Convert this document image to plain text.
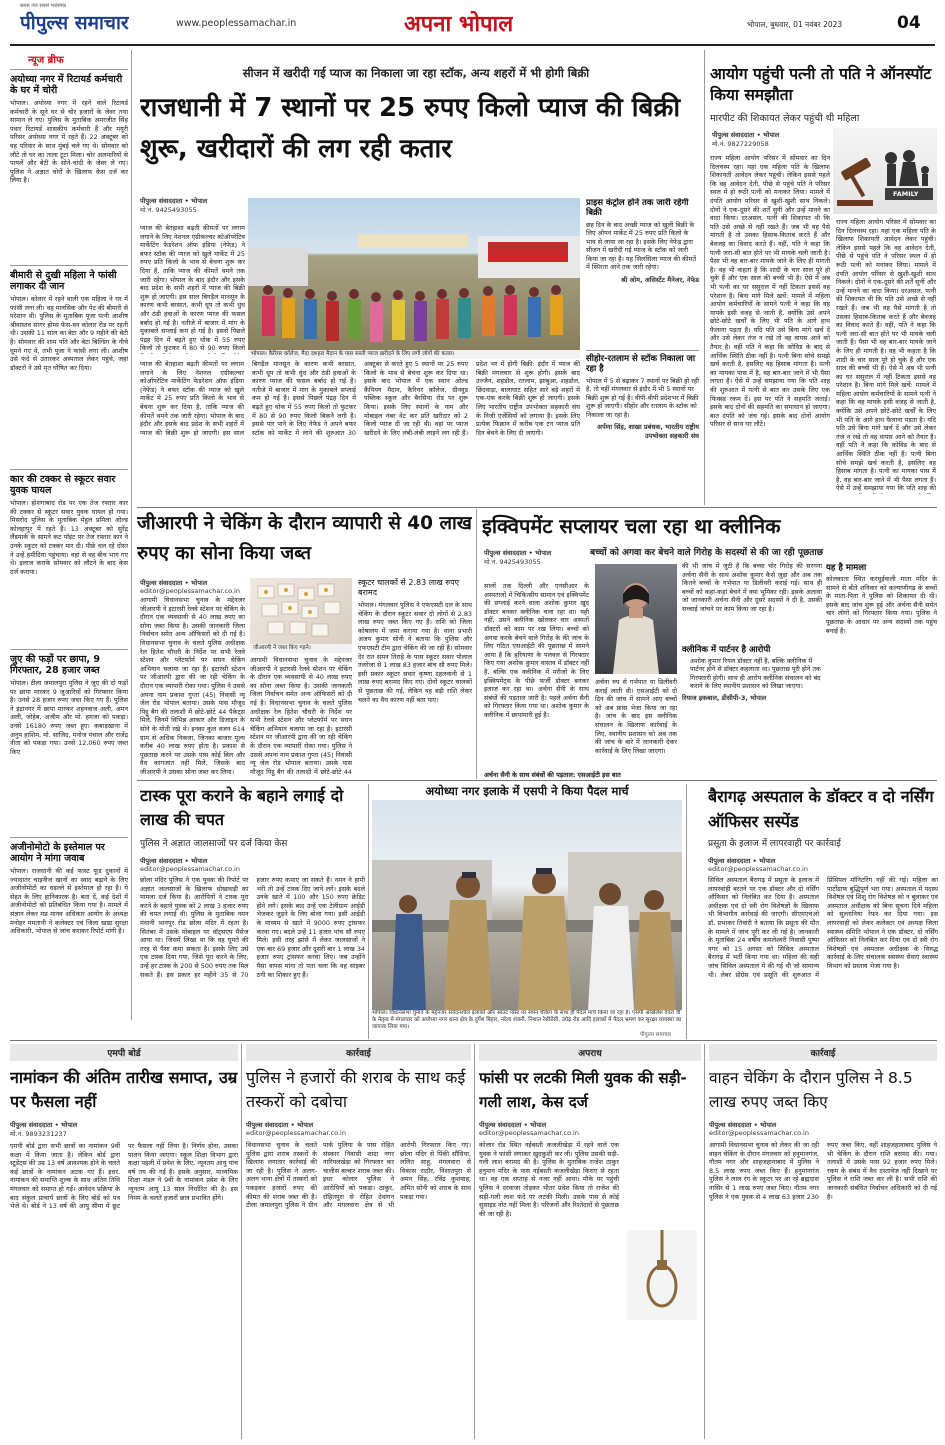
सबसे तेज सबसे भरोसेमंद
पीपुल्स समाचार	www.peoplessamachar.in	अपना भोपाल	भोपाल, बुधवार, 01 नवंबर 2023	04
न्यूज ब्रीफ
अयोध्या नगर में रिटायर्ड कर्मचारी के घर में चोरी
भोपाल। अयोध्या नगर में रहने वाले रिटायर्ड कर्मचारी के सूने घर से चोर हजारों के जेवर तथा सामान ले गए। पुलिस के मुताबिक अमरजीत सिंह पवार रिटायर्ड शासकीय कर्मचारी हैं और मयूरी परिसर अयोध्या नगर में रहते हैं। 22 अक्टूबर को वह परिवार के साथ मुंबई चले गए थे। सोमवार को लौटे तो घर का ताला टूटा मिला। चोर अलमारियों से पायलें और बेटी के सोने-चांदी के जेवर ले गए। पुलिस ने अज्ञात चोरों के खिलाफ केस दर्ज कर लिया है।
बीमारी से दुखी महिला ने फांसी लगाकर दी जान
भोपाल। कोलार में रहने वाली एक महिला ने घर में फांसी लगा ली। वह मानसिक और पेट की बीमारी से परेशान थी। पुलिस के मुताबिक पूजा पत्नी आशीष श्रीवास्तव सागर होम्स फेस-वन कोलार रोड पर रहती थी। उसकी 11 साल का बेटा और 9 महीने की बेटी है। सोमवार की शाम पति और बेटा बिल्डिंग के नीचे घूमने गए थे, तभी पूजा ने फांसी लगा ली। आशीष उसे फंदे से उतारकर अस्पताल लेकर पहुंचे, जहां डॉक्टरों ने उसे मृत घोषित कर दिया।
कार की टक्कर से स्कूटर सवार युवक घायल
भोपाल। होशंगाबाद रोड पर एक तेज रफ्तार कार की टक्कर से स्कूटर सवार युवक घायल हो गया। मिसरोद पुलिस के मुताबिक मेहुल प्रमिला ओल्ड कोलहापुर में रहते हैं। 13 अक्टूबर को सुरेंद्र लैंडमार्क के सामने कट पॉइंट पर तेज रफ्तार कार ने उनके स्कूटर को टक्कर मार दी। पीछे चल रहे दोस्त ने उन्हें हमीदिया पहुंचाया। वहां से वह बीच भाग गए थे। इलाज कराके सोमवार को लौटने के बाद केस दर्ज कराया।
जुए की फड़ों पर छापा, 9 गिरफ्तार, 28 हजार जब्त
भोपाल। टीला जमालपुरा पुलिस ने जुए की दो फड़ों पर छापा मारकर 9 जुआरियों को गिरफ्तार किया है। उनसे 28 हजार रुपए जब्त किए गए हैं। पुलिस ने इंद्रानगर में छापा मारकर शहनवाज अली, अमन अली, जोहेब, अजीम और मो. हमजा को पकड़ा। उनसे 16180 रुपए जब्त हुए। कबाड़खाना में अनुप हाशिम, मो. साजिद, मनोज पंचाल और राजेंद्र नीता को पकड़ा गया। उनसे 12,060 रुपए जब्त किए
अजीनोमोटो के इस्तेमाल पर आयोग ने मांगा जवाब
भोपाल। राजधानी की कई फास्ट फूड दुकानों में ज्यादातर चाइनीज खानों का स्वाद बढ़ाने के लिए अजीनोमोटो का धड़ल्ले से इस्तेमाल हो रहा है। ये सेहत के लिए हानिकारक है। बता दें, कई देशों में अजीनोमोटो को प्रतिबंधित किया गया है। मामले में संज्ञान लेकर मप्र मानव अधिकार आयोग के अध्यक्ष मनोहर ममतानी ने कलेक्टर एवं जिला खाद्य सुरक्षा अधिकारी, भोपाल से जांच कराकर रिपोर्ट मांगी है।
सीजन में खरीदी गई प्याज का निकाला जा रहा स्टॉक, अन्य शहरों में भी होगी बिक्री
राजधानी में 7 स्थानों पर 25 रुपए किलो प्याज की बिक्री शुरू, खरीदारों की लग रही कतार
पीपुल्स संवाददाता • भोपाल
मो.नं. 9425493055
भोपाल। कैरियर कॉलेज, मैदा दशहरा मैदान के पास सस्ती प्याज खरीदने के लिए लगी लोगों की कतार।
प्याज की बेतहाशा बढ़ती कीमतों पर लगाम लगाने के लिए नेशनल एग्रीकल्चर कोऑपरेटिव मार्केटिंग फेडरेशन ऑफ इंडिया (नेफेड) ने बफर स्टॉक की प्याज को खुले मार्केट में 25 रुपए प्रति किलो के भाव से बेचना शुरू कर दिया है, ताकि प्याज की कीमतें थमने तक जारी रहेगा। भोपाल के बाद इंदौर और इसके बाद प्रदेश के सभी शहरों में प्याज की बिक्री शुरू हो जाएगी। इस साल बिगड़ैल मानसून के कारण कभी बरसात, कभी धूप तो कभी धुंध और ठंडी हवाओं के कारण प्याज की फसल बर्बाद हो गई है। नतीजे में बाजार में मांग के मुकाबले सप्लाई कम हो गई है। इससे पिछले पंद्रह दिन में बढ़ते हुए थोक में 55 रुपए किलो तो फुटकर में 80 से 90 रुपए किलो
प्याज की बेतहाशा बढ़ती कीमतों पर लगाम लगाने के लिए नेशनल एग्रीकल्चर कोऑपरेटिव मार्केटिंग फेडरेशन ऑफ इंडिया (नेफेड) ने बफर स्टॉक की प्याज को खुले मार्केट में 25 रुपए प्रति किलो के भाव से बेचना शुरू कर दिया है, ताकि प्याज की कीमतें थमने तक जारी रहेगा। भोपाल के बाद इंदौर और इसके बाद प्रदेश के सभी शहरों में प्याज की बिक्री शुरू हो जाएगी। इस साल बिगड़ैल मानसून के कारण कभी बरसात, कभी धूप तो कभी धुंध और ठंडी हवाओं के कारण प्याज की फसल बर्बाद हो गई है। नतीजे में बाजार में मांग के मुकाबले सप्लाई कम हो गई है। इससे पिछले पंद्रह दिन में बढ़ते हुए थोक में 55 रुपए किलो तो फुटकर में 80 से 90 रुपए किलो बिकने लगी है। इससे पार पाने के लिए नेफेड ने अपने बफर स्टॉक को मार्केट में लाने की शुरुआत 30 अक्टूबर से करते हुए 5 स्थानों पर 25 रुपए किलो के भाव से बेचना शुरू कर दिया था। इसके बाद भोपाल में एक स्थान ओल्ड कैंपियन मैदान, कैरियर कॉलेज, ग्रीनवुड पब्लिक स्कूल और बैरसिया रोड पर शुरू किया। इसके लिए स्थानों के नाम और मोबाइल नंबर वेट कर प्रति खरीदार को 2 किलो प्याज दी जा रही थी। वहां पर प्याज खरीदने के लिए लंबी-लंबी लाइनें लग रही हैं। प्रदेश भर में होगी बिक्री: इंदौर में प्याज की बिक्री मंगलवार से शुरू होगी। इसके बाद उज्जैन, शहडोल, रतलाम, झाबुआ, शहडोल, छिंदवाड़ा, बालाघाट सहित सारे बड़े शहरों में एक-एक करके बिक्री शुरू हो जाएगी। इसके लिए भारतीय राष्ट्रीय उपभोक्ता सहकारी संघ के निजी एजेंसियों को लगाया है। इसके लिए प्रत्येक फिक्रान में करीब एक टन प्याज प्रति दिन बेचने के लिए दी जाएगी।
प्राइस कंट्रोल होने तक जारी रहेगी बिक्री
छह दिन के बाद अच्छी प्याज को खुली बिक्री के लिए ओपन मार्केट में 25 रुपए प्रति किलो के भाव से लाया जा रहा है। इसके लिए नेफेड द्वारा सीजन में खरीदी गई प्याज के स्टॉक को जारी किया जा रहा है। यह सिलसिला प्याज की कीमतें में स्थिरता आने तक जारी रहेगा।
श्री ओम, असिस्टेंट मैनेजर, नेफेड
सीहोर-रतलाम से स्टॉक निकाला जा रहा है
भोपाल में 5 से बढ़ाकर 7 स्थानों पर बिक्री हो रही है, तो वहीं मंगलवार से इंदौर में भी 5 स्थानों पर बिक्री शुरू हो गई है। वीपी-वीपी प्रदेशभर में बिक्री शुरू हो जाएगी। सीहोर और रतलाम के स्टॉक को निकाला जा रहा है।
अर्पणा सिंह, शाखा प्रबंधक, भारतीय राष्ट्रीय उपभोक्ता सहकारी संघ
आयोग पहुंची पत्नी तो पति ने ऑनस्पॉट किया समझौता
मारपीट की शिकायत लेकर पहुंची थी महिला
पीपुल्स संवाददाता • भोपाल
मो.नं. 9827229058
FAMILY
राज्य महिला आयोग परिसर में सोमवार का दिन दिलचस्प रहा। यहां एक महिला पति के खिलाफ शिकायती आवेदन लेकर पहुंची। लेकिन इससे पहले कि वह आवेदन देती, पीछे से पहुंचे पति ने परिसर स्थल में हो रूठी पत्नी को मनाकर लिया। मामले में दंपति आयोग परिसर से खुशी-खुशी साथ निकले। दोनों ने एक-दूसरे की शर्तें सुनीं और उन्हें मानने का वादा किया। दरअसल, पत्नी की शिकायत थी कि पति उसे अच्छे से नहीं रखते हैं। जब भी वह पैसे मांगती है तो उसका हिसाब-किताब करते हैं और बेवजह का विवाद करते हैं। वहीं, पति ने कहा कि पत्नी जरा-सी बात होते पर भी मायके चली जाती है। पैसा भी वह बार-बार मायके जाने के लिए ही मांगती है। वह भी कहता है कि शादी के चार साल पूरे हो चुके हैं और एक साल की बच्ची भी है। ऐसे में अब भी पत्नी का घर ससुराल में नहीं टिकता इससे वह परेशान है। बिना मांगे मिले खर्चे: मामले में महिला आयोग कर्मचारियों के सामने पत्नी ने कहा कि वह मायके इसी वजह से जाती है, क्योंकि उसे अपने छोटे-छोटे खर्चों के लिए भी पति के आगे हाथ फैलाना पड़ता है। यदि पति उसे बिना मांगे खर्च दें और उसे लेकर तंज न रखे तो वह वापस आने को तैयार है। वहीं पति ने कहा कि कोविड के बाद से आर्थिक स्थिति ठीक नहीं है। पत्नी बिना सोचे समझे खर्च करती है, इसलिए वह हिसाब मांगता है। पत्नी का मायका पास में है, वह बार-बार जाने में भी पैसा लगता है। ऐसे में उन्हें समझाया गया कि पति शाह की शुरुआत में पत्नी से बात कर उसके लिए एक फिक्स्ड रकम दें। इस पर पति ने सहमति जताई। इसके बाद दोनों की सहमति का समाधान हो जाएगा। बात दंपति को जंच गई। इसके बाद दोनों आयोग परिसर से साथ घर लौटे।
राज्य महिला आयोग परिसर में सोमवार का दिन दिलचस्प रहा। यहां एक महिला पति के खिलाफ शिकायती आवेदन लेकर पहुंची। लेकिन इससे पहले कि वह आवेदन देती, पीछे से पहुंचे पति ने परिसर स्थल में हो रूठी पत्नी को मनाकर लिया। मामले में दंपति आयोग परिसर से खुशी-खुशी साथ निकले। दोनों ने एक-दूसरे की शर्तें सुनीं और उन्हें मानने का वादा किया। दरअसल, पत्नी की शिकायत थी कि पति उसे अच्छे से नहीं रखते हैं। जब भी वह पैसे मांगती है तो उसका हिसाब-किताब करते हैं और बेवजह का विवाद करते हैं। वहीं, पति ने कहा कि पत्नी जरा-सी बात होते पर भी मायके चली जाती है। पैसा भी वह बार-बार मायके जाने के लिए ही मांगती है। वह भी कहता है कि शादी के चार साल पूरे हो चुके हैं और एक साल की बच्ची भी है। ऐसे में अब भी पत्नी का घर ससुराल में नहीं टिकता इससे वह परेशान है। बिना मांगे मिले खर्चे: मामले में महिला आयोग कर्मचारियों के सामने पत्नी ने कहा कि वह मायके इसी वजह से जाती है, क्योंकि उसे अपने छोटे-छोटे खर्चों के लिए भी पति के आगे हाथ फैलाना पड़ता है। यदि पति उसे बिना मांगे खर्च दें और उसे लेकर तंज न रखे तो वह वापस आने को तैयार है। वहीं पति ने कहा कि कोविड के बाद से आर्थिक स्थिति ठीक नहीं है। पत्नी बिना सोचे समझे खर्च करती है, इसलिए वह हिसाब मांगता है। पत्नी का मायका पास में है, वह बार-बार जाने में भी पैसा लगता है। ऐसे में उन्हें समझाया गया कि पति शाह की
जीआरपी ने चेकिंग के दौरान व्यापारी से 40 लाख रुपए का सोना किया जब्त
पीपुल्स संवाददाता • भोपाल
editor@peoplessamachar.co.in
जीआरपी ने जब्त किए गहने।
आगामी विधानसभा चुनाव के मद्देनजर जीआरपी ने इटारसी रेलवे स्टेशन पर चेकिंग के दौरान एक व्यवसायी से 40 लाख रुपए का सोना जब्त किया है। उसकी जानकारी जिला निर्वाचन समेत अन्य ऑफिसरों को दी गई है। विधानसभा चुनाव के चलते पुलिस अधीक्षक रेल हितेश चौधरी के निर्देश पर सभी रेलवे स्टेशन और प्लेटफॉर्म पर सघन चेकिंग अभियान चलाया जा रहा है। इटारसी स्टेशन पर जीआरपी द्वारा की जा रही चेकिंग के दौरान एक व्यापारी रोका गया। पुलिस ने उससे अपना नाम प्रकाश गुप्ता (45) निवासी न्यू जेल रोड भोपाल बताया। उसके पास मौजूद पिट्ठू बैग की तलाशी में छोटे-छोटे 44 पैकेट्स मिले, जिनमें विभिन्न आकार और डिजाइन के सोने के मोती रखे थे। इनका कुल वजन 614 ग्राम से अधिक निकला, जिनका बाजार मूल्य करीब 40 लाख रुपए होता है। प्रकाश से पूछताछ करने पर उसके पास कोई बिल और वैध कागजात नहीं मिले, जिसके बाद जीआरपी ने उसका सोना जब्त कर लिया।
आगामी विधानसभा चुनाव के मद्देनजर जीआरपी ने इटारसी रेलवे स्टेशन पर चेकिंग के दौरान एक व्यवसायी से 40 लाख रुपए का सोना जब्त किया है। उसकी जानकारी जिला निर्वाचन समेत अन्य ऑफिसरों को दी गई है। विधानसभा चुनाव के चलते पुलिस अधीक्षक रेल हितेश चौधरी के निर्देश पर सभी रेलवे स्टेशन और प्लेटफॉर्म पर सघन चेकिंग अभियान चलाया जा रहा है। इटारसी स्टेशन पर जीआरपी द्वारा की जा रही चेकिंग के दौरान एक व्यापारी रोका गया। पुलिस ने उससे अपना नाम प्रकाश गुप्ता (45) निवासी न्यू जेल रोड भोपाल बताया। उसके पास मौजूद पिट्ठू बैग की तलाशी में छोटे-छोटे 44
स्कूटर चालकों से 2.83 लाख रुपए बरामद
भोपाल। मंगलवार पुलिस ने एफएसटी दल के साथ चेकिंग के दौरान स्कूटर सवार दो लोगों से 2.83 लाख रुपए जब्त किए गए हैं। राशि को जिला कोषालय में जमा कराया गया है। थाना प्रभारी अजय कुमार सोनी ने बताया कि पुलिस और एफएसटी टीम द्वारा चेकिंग की जा रही है। सोमवार देर रात समन तिराहे के पास स्कूटर सवार पोलाल तलरेजा से 1 लाख 83 हजार बांच सौ रुपए मिले। इसी प्रकार स्कूटर सवार कृष्णा दहलवानी से 1 लाख रुपए बरामद किए गए। दोनों स्कूटर चालकों से पूछताछ की गई, लेकिन वह बड़ी राशि लेकर चलने का वैध कारण नहीं बता पाए।
इक्विपमेंट सप्लायर चला रहा था क्लीनिक
बच्चों को अगवा कर बेचने वाले गिरोह के सदस्यों से की जा रही पूछताछ
पीपुल्स संवाददाता • भोपाल
मो.नं. 9425493055
सालों तक दिल्ली और एनसीआर के अस्पतालों में चिकित्सीय सामान एवं इक्विपमेंट की सप्लाई करने वाला अशोक कुमार खुद डॉक्टर बनकर क्लीनिक चला रहा था। यही नहीं, उसने क्लीनिक खोलकर चार अस्पतों डॉक्टरों को काम पर रख लिया। बच्चों को अगवा करके बेचने वाले गिरोह के की जांच के लिए गठित एसआईटी की पूछताछ में सामने आया है कि हरियाणा के पलवल से गिरफ्तार किए गया अशोक कुमार वास्तव में डॉक्टर नहीं है, बल्कि एक क्लीनिक में मरीजों के लिए इक्विपमेंट्स के पीछे फर्जी डॉक्टर बनकर इलाज कर रहा था। अर्चना सैनी के साथ संबंधों की पड़ताल जारी है। पहले अर्चना सैनी को गिरफ्तार किया गया था। अशोक कुमार के क्लीनिक में छापामारी हुई है।
अर्चना रुप से गर्भपात या डिलीवरी कराई जाती थी। एसआईटी को दो दिन की जांच में सामने आए बच्चों को अब फ्रांस भेजा किया जा रहा है। जांच के बाद इस क्लीनिक संचालन के खिलाफ कार्रवाई के लिए, स्थानीय प्रशासन को अब तक की जांच के बारे में जानकारी देकर कार्रवाई के लिए लिखा जाएगा।
अर्चना सैनी के साथ संबंधों की पड़ताल: एसआईटी इस बात
की भी जांच में जुटी है कि बच्चा चोर गिरोह की सरगना अर्चना सैनी के साथ अशोक कुमार कैसे जुड़ा और अब तक कितने बच्चों के गर्भपात या डिलीवरी कराई गई। साथ ही बच्चों को कहां-कहां बेचने में क्या भूमिका रही। इसके अलावा जो जानकारी अर्चना सैनी और दूसरे सदस्यों ने दी है, उसकी सच्चाई जांचने पर काम किया जा रहा है।
यह है मामला
कोलकाता स्थित करधुईवाली माता मंदिर के सामने से बीते शनिवार को कल्याणीगढ़ के बच्चों के माता-पिता ने पुलिस को शिकायत दी थी। इसके बाद जांच शुरू हुई और अर्चना सैनी समेत चार लोगों को गिरफ्तार किया गया। पुलिस ने पूछताछ के आधार पर अन्य सदस्यों तक पहुंच बनाई है।
क्लीनिक में पार्टनर है आरोपी
अशोक कुमार रियल डॉक्टर नहीं है, बल्कि क्लीनिक में पार्टनर होने से डॉक्टर कहलाता था। पूछताछ पूरी होने तक गिरफ्तारी होगी। साथ ही आरोप क्लीनिक संचालन को बंद कराने के लिए स्थानीय प्रशासन को लिखा जाएगा।
रियाज इकबाल, डीसीपी-3, भोपाल
टास्क पूरा कराने के बहाने लगाई दो लाख की चपत
पुलिस ने अज्ञात जालसाजों पर दर्ज किया केस
पीपुल्स संवाददाता • भोपाल
editor@peoplessamachar.co.in
छोला मंदिर पुलिस ने एक युवक की रिपोर्ट पर अज्ञात जालसाजों के खिलाफ धोखाधड़ी का मामला दर्ज किया है। आरोपियों ने टास्क पूरा करने के बहाने युवक को 2 लाख 3 हजार रुपए की चपत लगाई थी। पुलिस के मुताबिक नमन मंधानी भानपुर रोड छोला मंदिर में रहता है। सितंबर में उसके मोबाइल पर वॉट्सएप मैसेज आया था। जिसमें लिखा था कि वह घूमते की तरह से पैसा कमा सकता है। इसके लिए उसे एक टास्क दिया गया, जिसे पूरा करने के लिए, उन्हें हर टास्क के 200 से 500 रुपए तक मिल सकते हैं। इस प्रकार हर महीने 35 से 70 हजार रुपए कमाए जा सकते हैं। नमन ने हामी भरी तो उन्हें टास्क दिए जाने लगे। इसके बदले उनके खाते में 100 और 150 रुपए क्रेडिट होने लगे। इसके बाद उन्हें एक टेलीग्राम आईडी भेजकर जुड़ने के लिए बोला गया। इसी आईडी के माध्यम से खाते में 9000 रुपए ट्रांसफर करवा गए। बदले उन्हें 11 हजार पांच सौ रुपए मिले। इसी तरह झांसे में लेकर जालसाजों ने एक बार 69 हजार और दूसरी बार 1 लाख 34 हजार रुपए ट्रांसफर करवा लिए। जब उन्होंने पैसा वापस मांगा तो पता चला कि वह साइबर ठगी का शिकार हुए हैं।
अयोध्या नगर इलाके में एसपी ने किया पैदल मार्च
भोपाल। विधानसभा चुनाव के मद्देनजर संवेदनशील इलाकों और आउट पोस्ट पर सघन चेकिंग के साथ ही पैदल मार्च किया जा रहा है। एसपी अखिलेश देवरा वी के नेतृत्व में मंगलवार को अयोध्या नगर थाना क्षेत्र के दुर्गेश बिहार, नरेला शंकरी, निशात रेसीडेंसी, उंघेढ़ रोड आदि इलाकों में पैदल भ्रमण कर सुरक्षा व्यवस्था का जायजा लिया गया।
पीपुल्स समाचार
बैरागढ़ अस्पताल के डॉक्टर व दो नर्सिंग ऑफिसर सस्पेंड
प्रसूता के इलाज में लापरवाही पर कार्रवाई
पीपुल्स संवाददाता • भोपाल
editor@peoplessamachar.co.in
सिविल अस्पताल बैरागढ़ में प्रसूता के इलाज में लापरवाही बरतने पर एक डॉक्टर और दो नर्सिंग ऑफिसर को निलंबित कर दिया है। अस्पताल अधीक्षक एवं दो स्त्री रोग विशेषज्ञों के खिलाफ भी विभागीय कार्रवाई की जाएगी। सीएमएचओ डॉ. प्रभाकर तिवारी ने बताया कि प्रसूता की मौत के मामले में जांच पूरी कर ली गई है। जानकारी के मुताबिक 24 वर्षीय कमलेश्वरी निवासी पुष्पा नगर को 15 अगस्त को सिविल अस्पताल बैरागढ़ में भर्ती किया गया था। महिला की सही जांच सिविल अस्पताल में की गई थी जो सामान्य थी। लेबर प्रोग्रेस एवं प्रसूति की शुरुआत में प्रिंसिपल मॉनिटरिंग नहीं की गई। महिला का पार्टोग्राफ बुद्धिपूर्ण भरा गया। अस्पताल में पदस्थ विशेषज्ञ एवं शिशु रोग विशेषज्ञ को न बुलाकर एवं अस्पताल अधीक्षक को बिना सूचना दिये महिला को सुल्तानिया रेफर कर दिया गया। इस लापरवाही को लेकर कलेक्टर एवं अध्यक्ष जिला स्वास्थ्य समिति भोपाल ने एक डॉक्टर, दो नर्सिंग ऑफिसर को निलंबित कर दिया एवं दो स्त्री रोग विशेषज्ञों एवं अस्पताल अधीक्षक के विरुद्ध कार्रवाई के लिए संचालक स्वास्थ्य सेवाएं स्वास्थ्य विभाग को प्रस्ताव भेजा गया है।
एमपी बोर्ड
नामांकन की अंतिम तारीख समाप्त, उम्र पर फैसला नहीं
पीपुल्स संवाददाता • भोपाल
मो.नं. 9893231237
एमपी बोर्ड द्वारा सभी छात्रों का नामांकन 9वीं कक्षा में किया जाता है। लेकिन बोर्ड द्वारा स्टूडेंट्स की उम्र 13 वर्ष आवश्यक होने के चलते कई छात्रों के नामांकन अटक गए हैं। इधर, नामांकन की समाप्ति शुल्क के साथ अंतिम तिथि मंगलवार को समाप्त हो गई। आवेदन प्रक्रिया के बाद संकुल प्राचार्य छात्रों के लिए बोर्ड को पत्र भेजे थे। बोर्ड ने 13 वर्ष की आयु सीमा में छूट पर फैसला नहीं लिया है। निर्णय होना, उसका पालन किया जाएगा। स्कूल शिक्षा विभाग द्वारा कक्षा पहली में प्रवेश के लिए, न्यूनतम आयु पांच वर्ष तय की गई है। इसके अनुसार, माध्यमिक शिक्षा मंडल ने 9वीं के नामांकन प्रवेश के लिए न्यूनतम आयु 13 साल निर्धारित की है। इस नियम के चलते हजारों छात्र प्रभावित होंगे।
कार्रवाई
पुलिस ने हजारों की शराब के साथ कई तस्करों को दबोचा
पीपुल्स संवाददाता • भोपाल
editor@peoplessamachar.co.in
विधानसभा चुनाव के चलते पुलिस द्वारा शराब तस्करों के खिलाफ लगातार कार्रवाई की जा रही है। पुलिस ने अलग-अलग थाना क्षेत्रों में तस्करों को पकड़कर हजारों रुपए की कीमत की शराब जब्त की है। टीला जमालपुरा पुलिस ने ग्रीन पार्क पुलिया के पास रोहित संस्कार निवासी शादा नगर नारियलखेड़ा को गिरफ्तार कर चालीस बल्कर शराब जब्त की। इधर कोलार पुलिस ने आरोपियों को पकड़ा। ठाकुर, रोहितपुरा से रोहित देवांगन और मंगलवारा क्षेत्र से भी आरोपी गिरफ्तार किए गए। छोला मंदिर से पिंकी सौंधिया, ललित साहू, मंगलवारा से विकास राठौर, निशातपुरा से अमन सिंह, रविंद्र कुशवाह, अमित सोनी को शराब के साथ पकड़ा गया।
अपराध
फांसी पर लटकी मिली युवक की सड़ी-गली लाश, केस दर्ज
पीपुल्स संवाददाता • भोपाल
editor@peoplessamachar.co.in
कोलार रोड स्थित नईबस्ती कजलीखेड़ा में रहने वाले एक युवक ने फांसी लगाकर खुदकुशी कर ली। पुलिस उसकी सड़ी-गली लाश बरामद की है। पुलिस के मुताबिक राजेश ठाकुर हनुमान मंदिर के पास नईबस्ती कजलीखेड़ा किराए से रहता था। वह एक सप्ताह से नजर नहीं आया। मौके पर पहुंची पुलिस ने दरवाजा तोड़कर भीतर प्रवेश किया तो राजेश की सड़ी-गली लाश फंदे पर लटकी मिली। उसके पास से कोई सुसाइड नोट नहीं मिला है। परिजनों और रिश्तेदारों से पूछताछ की जा रही है।
कार्रवाई
वाहन चेकिंग के दौरान पुलिस ने 8.5 लाख रुपए जब्त किए
पीपुल्स संवाददाता • भोपाल
editor@peoplessamachar.co.in
आगामी विधानसभा चुनाव को लेकर की जा रही वाहन चेकिंग के दौरान मंगलवार को हनुमानगंज, गौतम नगर और शाहजहानाबाद में पुलिस ने 8.5 लाख रुपए जब्त किए हैं। हनुमानगंज पुलिस ने लाल रंग के स्कूटर पर आ रहे ब्रह्मदास नासिर से 1 लाख रुपए जब्त किए। गौतम नगर पुलिस ने एक युवक से 4 लाख 63 हजार 230 रुपए जब्त किए, वहीं शाहजहानाबाद पुलिस ने भी चेकिंग के दौरान राशि बरामद की। गया। तलाशी में उसके पास 92 हजार रुपए मिले। रकम के संबंध में वैध दस्तावेज नहीं दिखाने पर पुलिस ने राशि जब्त कर ली है। सभी राशि की जानकारी संबंधित निर्वाचन अधिकारी को दी गई है।
